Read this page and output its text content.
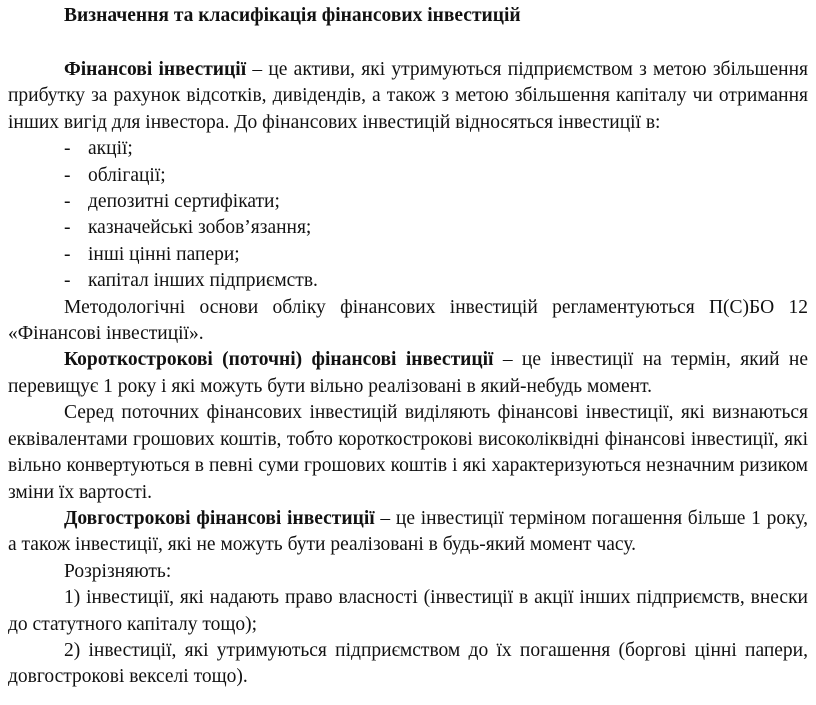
Визначення та класифікація фінансових інвестицій

Фінансові інвестиції – це активи, які утримуються підприємством з метою збільшення прибутку за рахунок відсотків, дивідендів, а також з метою збільшення капіталу чи отримання інших вигід для інвестора. До фінансових інвестицій відносяться інвестиції в:

- акції;
- облігації;
- депозитні сертифікати;
- казначейські зобов’язання;
- інші цінні папери;
- капітал інших підприємств.

Методологічні основи обліку фінансових інвестицій регламентуються П(С)БО 12 «Фінансові інвестиції».

Короткострокові (поточні) фінансові інвестиції – це інвестиції на термін, який не перевищує 1 року і які можуть бути вільно реалізовані в який-небудь момент.

Серед поточних фінансових інвестицій виділяють фінансові інвестиції, які визнаються еквівалентами грошових коштів, тобто короткострокові високоліквідні фінансові інвестиції, які вільно конвертуються в певні суми грошових коштів і які характеризуються незначним ризиком зміни їх вартості.

Довгострокові фінансові інвестиції – це інвестиції терміном погашення більше 1 року, а також інвестиції, які не можуть бути реалізовані в будь-який момент часу.

Розрізняють:

1) інвестиції, які надають право власності (інвестиції в акції інших підприємств, внески до статутного капіталу тощо);

2) інвестиції, які утримуються підприємством до їх погашення (боргові цінні папери, довгострокові векселі тощо).
